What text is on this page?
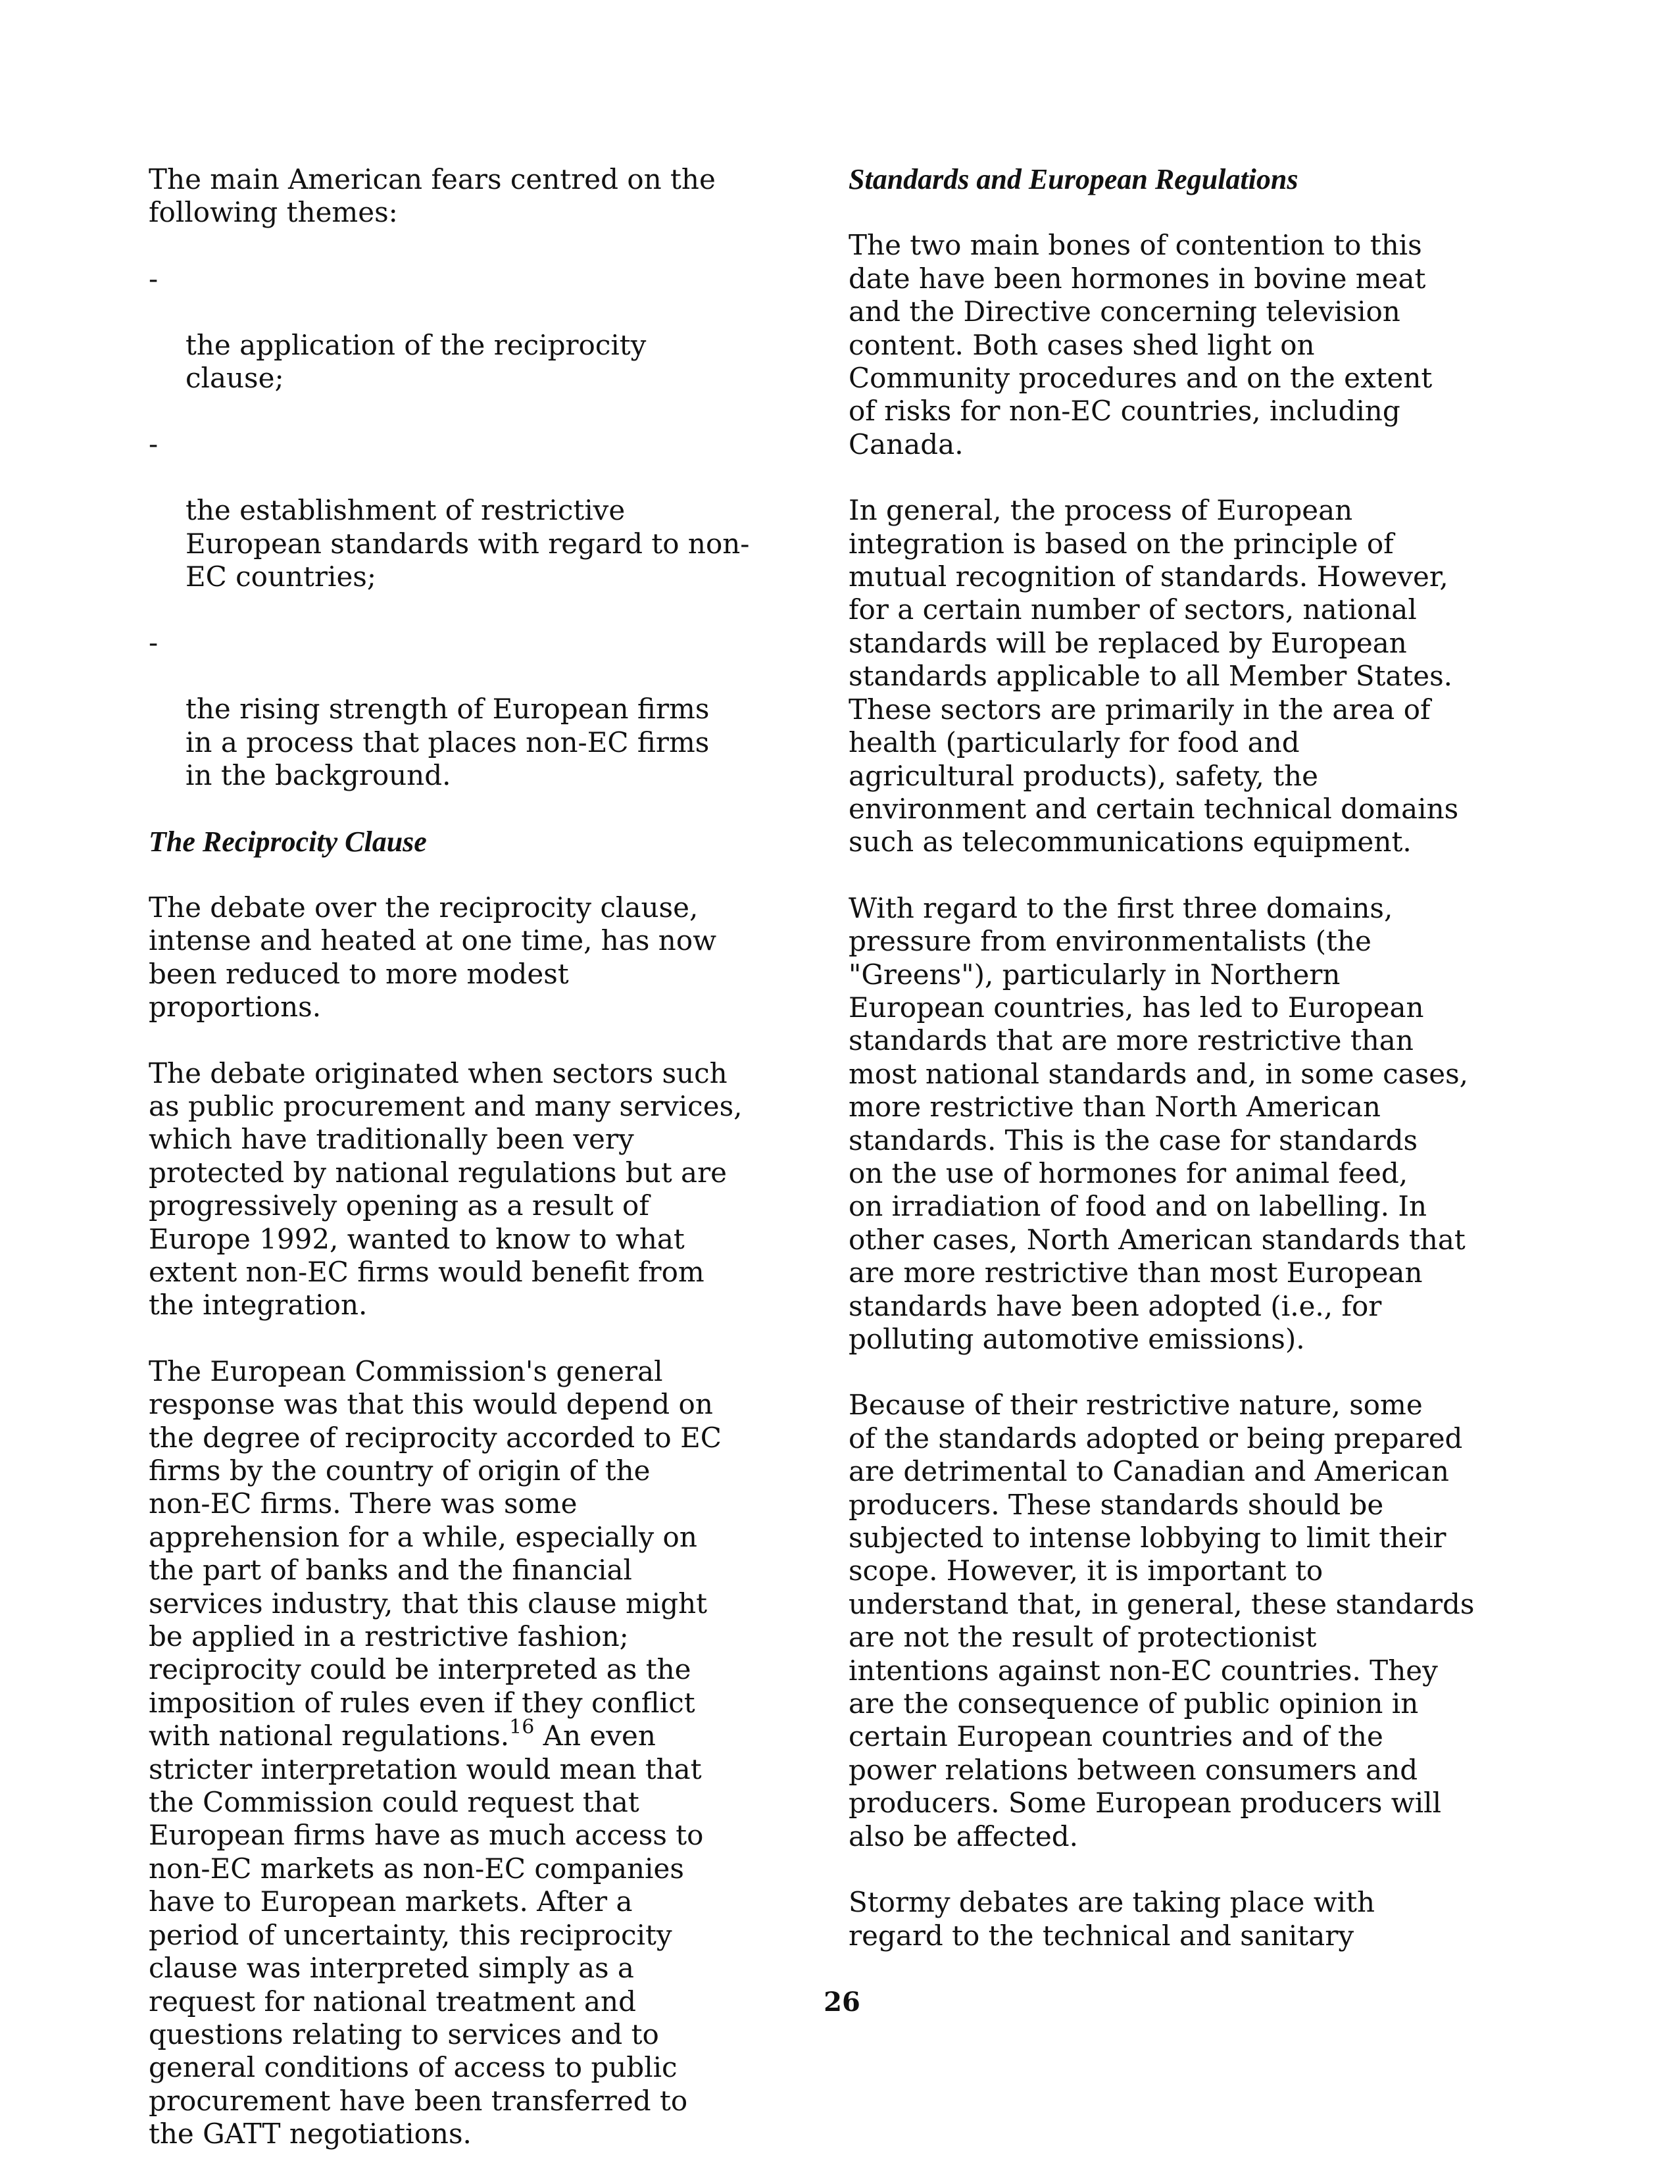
The main American fears centred on the
following themes:

-

the application of the reciprocity
clause;

-

the establishment of restrictive
European standards with regard to non-
EC countries;

-

the rising strength of European firms
in a process that places non-EC firms
in the background.

The Reciprocity Clause

The debate over the reciprocity clause,
intense and heated at one time, has now
been reduced to more modest
proportions.

The debate originated when sectors such
as public procurement and many services,
which have traditionally been very
protected by national regulations but are
progressively opening as a result of
Europe 1992, wanted to know to what
extent non-EC firms would benefit from
the integration.

The European Commission's general
response was that this would depend on
the degree of reciprocity accorded to EC
firms by the country of origin of the
non-EC firms. There was some
apprehension for a while, especially on
the part of banks and the financial
services industry, that this clause might
be applied in a restrictive fashion;
reciprocity could be interpreted as the
imposition of rules even if they conflict
with national regulations.$^{16}$ An even
stricter interpretation would mean that
the Commission could request that
European firms have as much access to
non-EC markets as non-EC companies
have to European markets. After a
period of uncertainty, this reciprocity
clause was interpreted simply as a
request for national treatment and
questions relating to services and to
general conditions of access to public
procurement have been transferred to
the GATT negotiations.

Standards and European Regulations

The two main bones of contention to this
date have been hormones in bovine meat
and the Directive concerning television
content. Both cases shed light on
Community procedures and on the extent
of risks for non-EC countries, including
Canada.

In general, the process of European
integration is based on the principle of
mutual recognition of standards. However,
for a certain number of sectors, national
standards will be replaced by European
standards applicable to all Member States.
These sectors are primarily in the area of
health (particularly for food and
agricultural products), safety, the
environment and certain technical domains
such as telecommunications equipment.

With regard to the first three domains,
pressure from environmentalists (the
"Greens"), particularly in Northern
European countries, has led to European
standards that are more restrictive than
most national standards and, in some cases,
more restrictive than North American
standards. This is the case for standards
on the use of hormones for animal feed,
on irradiation of food and on labelling. In
other cases, North American standards that
are more restrictive than most European
standards have been adopted (i.e., for
polluting automotive emissions).

Because of their restrictive nature, some
of the standards adopted or being prepared
are detrimental to Canadian and American
producers. These standards should be
subjected to intense lobbying to limit their
scope. However, it is important to
understand that, in general, these standards
are not the result of protectionist
intentions against non-EC countries. They
are the consequence of public opinion in
certain European countries and of the
power relations between consumers and
producers. Some European producers will
also be affected.

Stormy debates are taking place with
regard to the technical and sanitary

26
